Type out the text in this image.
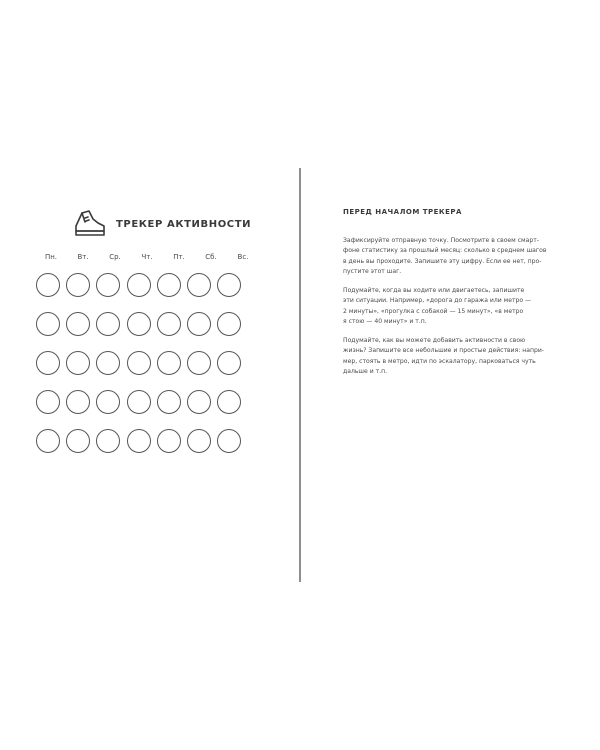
ТРЕКЕР АКТИВНОСТИ
Пн.	Вт.	Ср.	Чт.	Пт.	Сб.	Вс.
ПЕРЕД НАЧАЛОМ ТРЕКЕРА

Зафиксируйте отправную точку. Посмотрите в своем смарт-
фоне статистику за прошлый месяц: сколько в среднем шагов
в день вы проходите. Запишите эту цифру. Если ее нет, про-
пустите этот шаг.

Подумайте, когда вы ходите или двигаетесь, запишите
эти ситуации. Например, «дорога до гаража или метро —
2 минуты», «прогулка с собакой — 15 минут», «в метро
я стою — 40 минут» и т.п.

Подумайте, как вы можете добавить активности в свою
жизнь? Запишите все небольшие и простые действия: напри-
мер, стоять в метро, идти по эскалатору, парковаться чуть
дальше и т.п.
